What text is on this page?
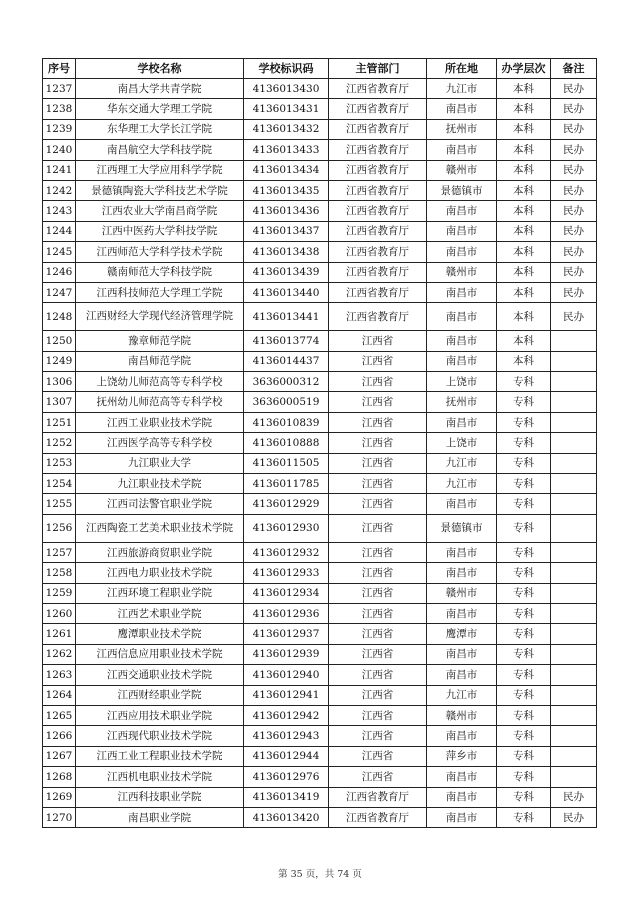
序号	学校名称	学校标识码	主管部门	所在地	办学层次	备注
1237	南昌大学共青学院	4136013430	江西省教育厅	九江市	本科	民办
1238	华东交通大学理工学院	4136013431	江西省教育厅	南昌市	本科	民办
1239	东华理工大学长江学院	4136013432	江西省教育厅	抚州市	本科	民办
1240	南昌航空大学科技学院	4136013433	江西省教育厅	南昌市	本科	民办
1241	江西理工大学应用科学学院	4136013434	江西省教育厅	赣州市	本科	民办
1242	景德镇陶瓷大学科技艺术学院	4136013435	江西省教育厅	景德镇市	本科	民办
1243	江西农业大学南昌商学院	4136013436	江西省教育厅	南昌市	本科	民办
1244	江西中医药大学科技学院	4136013437	江西省教育厅	南昌市	本科	民办
1245	江西师范大学科学技术学院	4136013438	江西省教育厅	南昌市	本科	民办
1246	赣南师范大学科技学院	4136013439	江西省教育厅	赣州市	本科	民办
1247	江西科技师范大学理工学院	4136013440	江西省教育厅	南昌市	本科	民办
1248	江西财经大学现代经济管理学院	4136013441	江西省教育厅	南昌市	本科	民办
1250	豫章师范学院	4136013774	江西省	南昌市	本科	
1249	南昌师范学院	4136014437	江西省	南昌市	本科	
1306	上饶幼儿师范高等专科学校	3636000312	江西省	上饶市	专科	
1307	抚州幼儿师范高等专科学校	3636000519	江西省	抚州市	专科	
1251	江西工业职业技术学院	4136010839	江西省	南昌市	专科	
1252	江西医学高等专科学校	4136010888	江西省	上饶市	专科	
1253	九江职业大学	4136011505	江西省	九江市	专科	
1254	九江职业技术学院	4136011785	江西省	九江市	专科	
1255	江西司法警官职业学院	4136012929	江西省	南昌市	专科	
1256	江西陶瓷工艺美术职业技术学院	4136012930	江西省	景德镇市	专科	
1257	江西旅游商贸职业学院	4136012932	江西省	南昌市	专科	
1258	江西电力职业技术学院	4136012933	江西省	南昌市	专科	
1259	江西环境工程职业学院	4136012934	江西省	赣州市	专科	
1260	江西艺术职业学院	4136012936	江西省	南昌市	专科	
1261	鹰潭职业技术学院	4136012937	江西省	鹰潭市	专科	
1262	江西信息应用职业技术学院	4136012939	江西省	南昌市	专科	
1263	江西交通职业技术学院	4136012940	江西省	南昌市	专科	
1264	江西财经职业学院	4136012941	江西省	九江市	专科	
1265	江西应用技术职业学院	4136012942	江西省	赣州市	专科	
1266	江西现代职业技术学院	4136012943	江西省	南昌市	专科	
1267	江西工业工程职业技术学院	4136012944	江西省	萍乡市	专科	
1268	江西机电职业技术学院	4136012976	江西省	南昌市	专科	
1269	江西科技职业学院	4136013419	江西省教育厅	南昌市	专科	民办
1270	南昌职业学院	4136013420	江西省教育厅	南昌市	专科	民办
第 35 页，共 74 页
